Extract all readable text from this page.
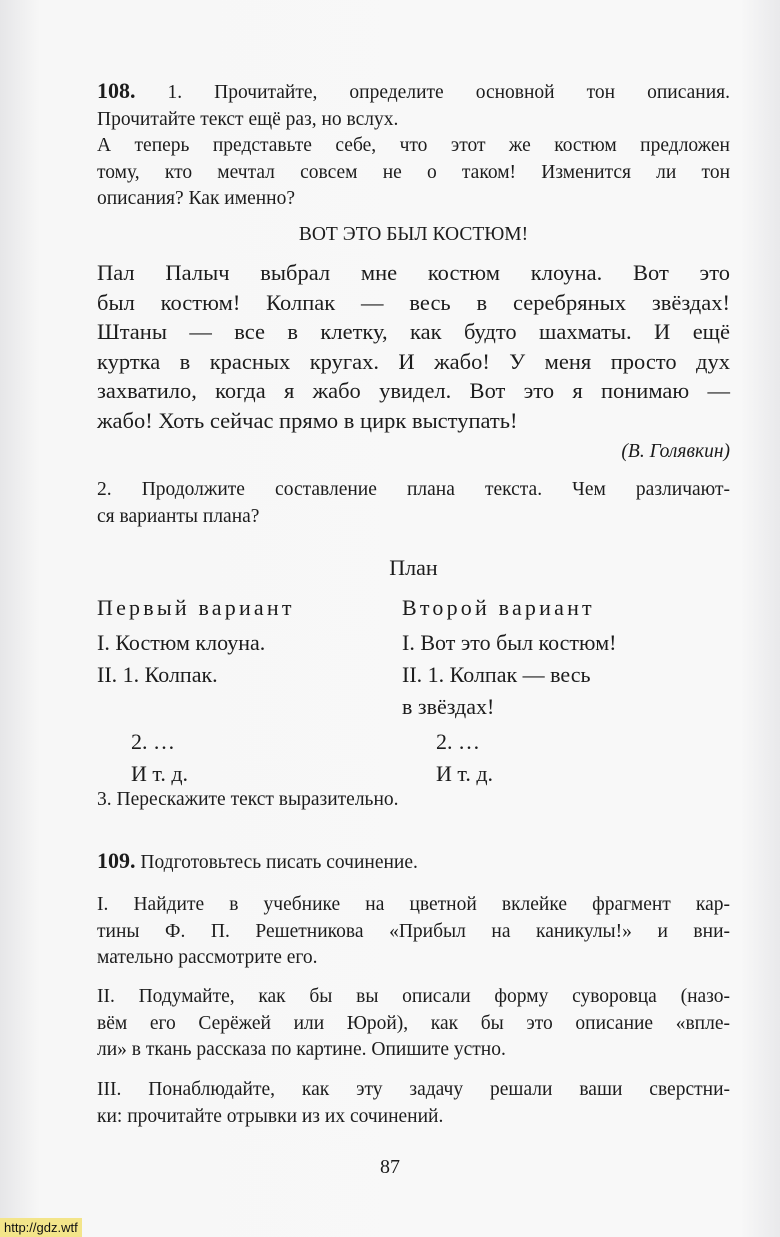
108. 1. Прочитайте, определите основной тон описания.
Прочитайте текст ещё раз, но вслух.
А теперь представьте себе, что этот же костюм предложен
тому, кто мечтал совсем не о таком! Изменится ли тон
описания? Как именно?
ВОТ ЭТО БЫЛ КОСТЮМ!
Пал Палыч выбрал мне костюм клоуна. Вот это
был костюм! Колпак — весь в серебряных звёздах!
Штаны — все в клетку, как будто шахматы. И ещё
куртка в красных кругах. И жабо! У меня просто дух
захватило, когда я жабо увидел. Вот это я понимаю —
жабо! Хоть сейчас прямо в цирк выступать!
(В. Голявкин)
2. Продолжите составление плана текста. Чем различают-
ся варианты плана?
План
Первый вариант
I. Костюм клоуна.
II. 1. Колпак.
2. …
И т. д.
Второй вариант
I. Вот это был костюм!
II. 1. Колпак — весь
в звёздах!
2. …
И т. д.
3. Перескажите текст выразительно.
109. Подготовьтесь писать сочинение.
I. Найдите в учебнике на цветной вклейке фрагмент кар-
тины Ф. П. Решетникова «Прибыл на каникулы!» и вни-
мательно рассмотрите его.
II. Подумайте, как бы вы описали форму суворовца (назо-
вём его Серёжей или Юрой), как бы это описание «впле-
ли» в ткань рассказа по картине. Опишите устно.
III. Понаблюдайте, как эту задачу решали ваши сверстни-
ки: прочитайте отрывки из их сочинений.
87
http://gdz.wtf
